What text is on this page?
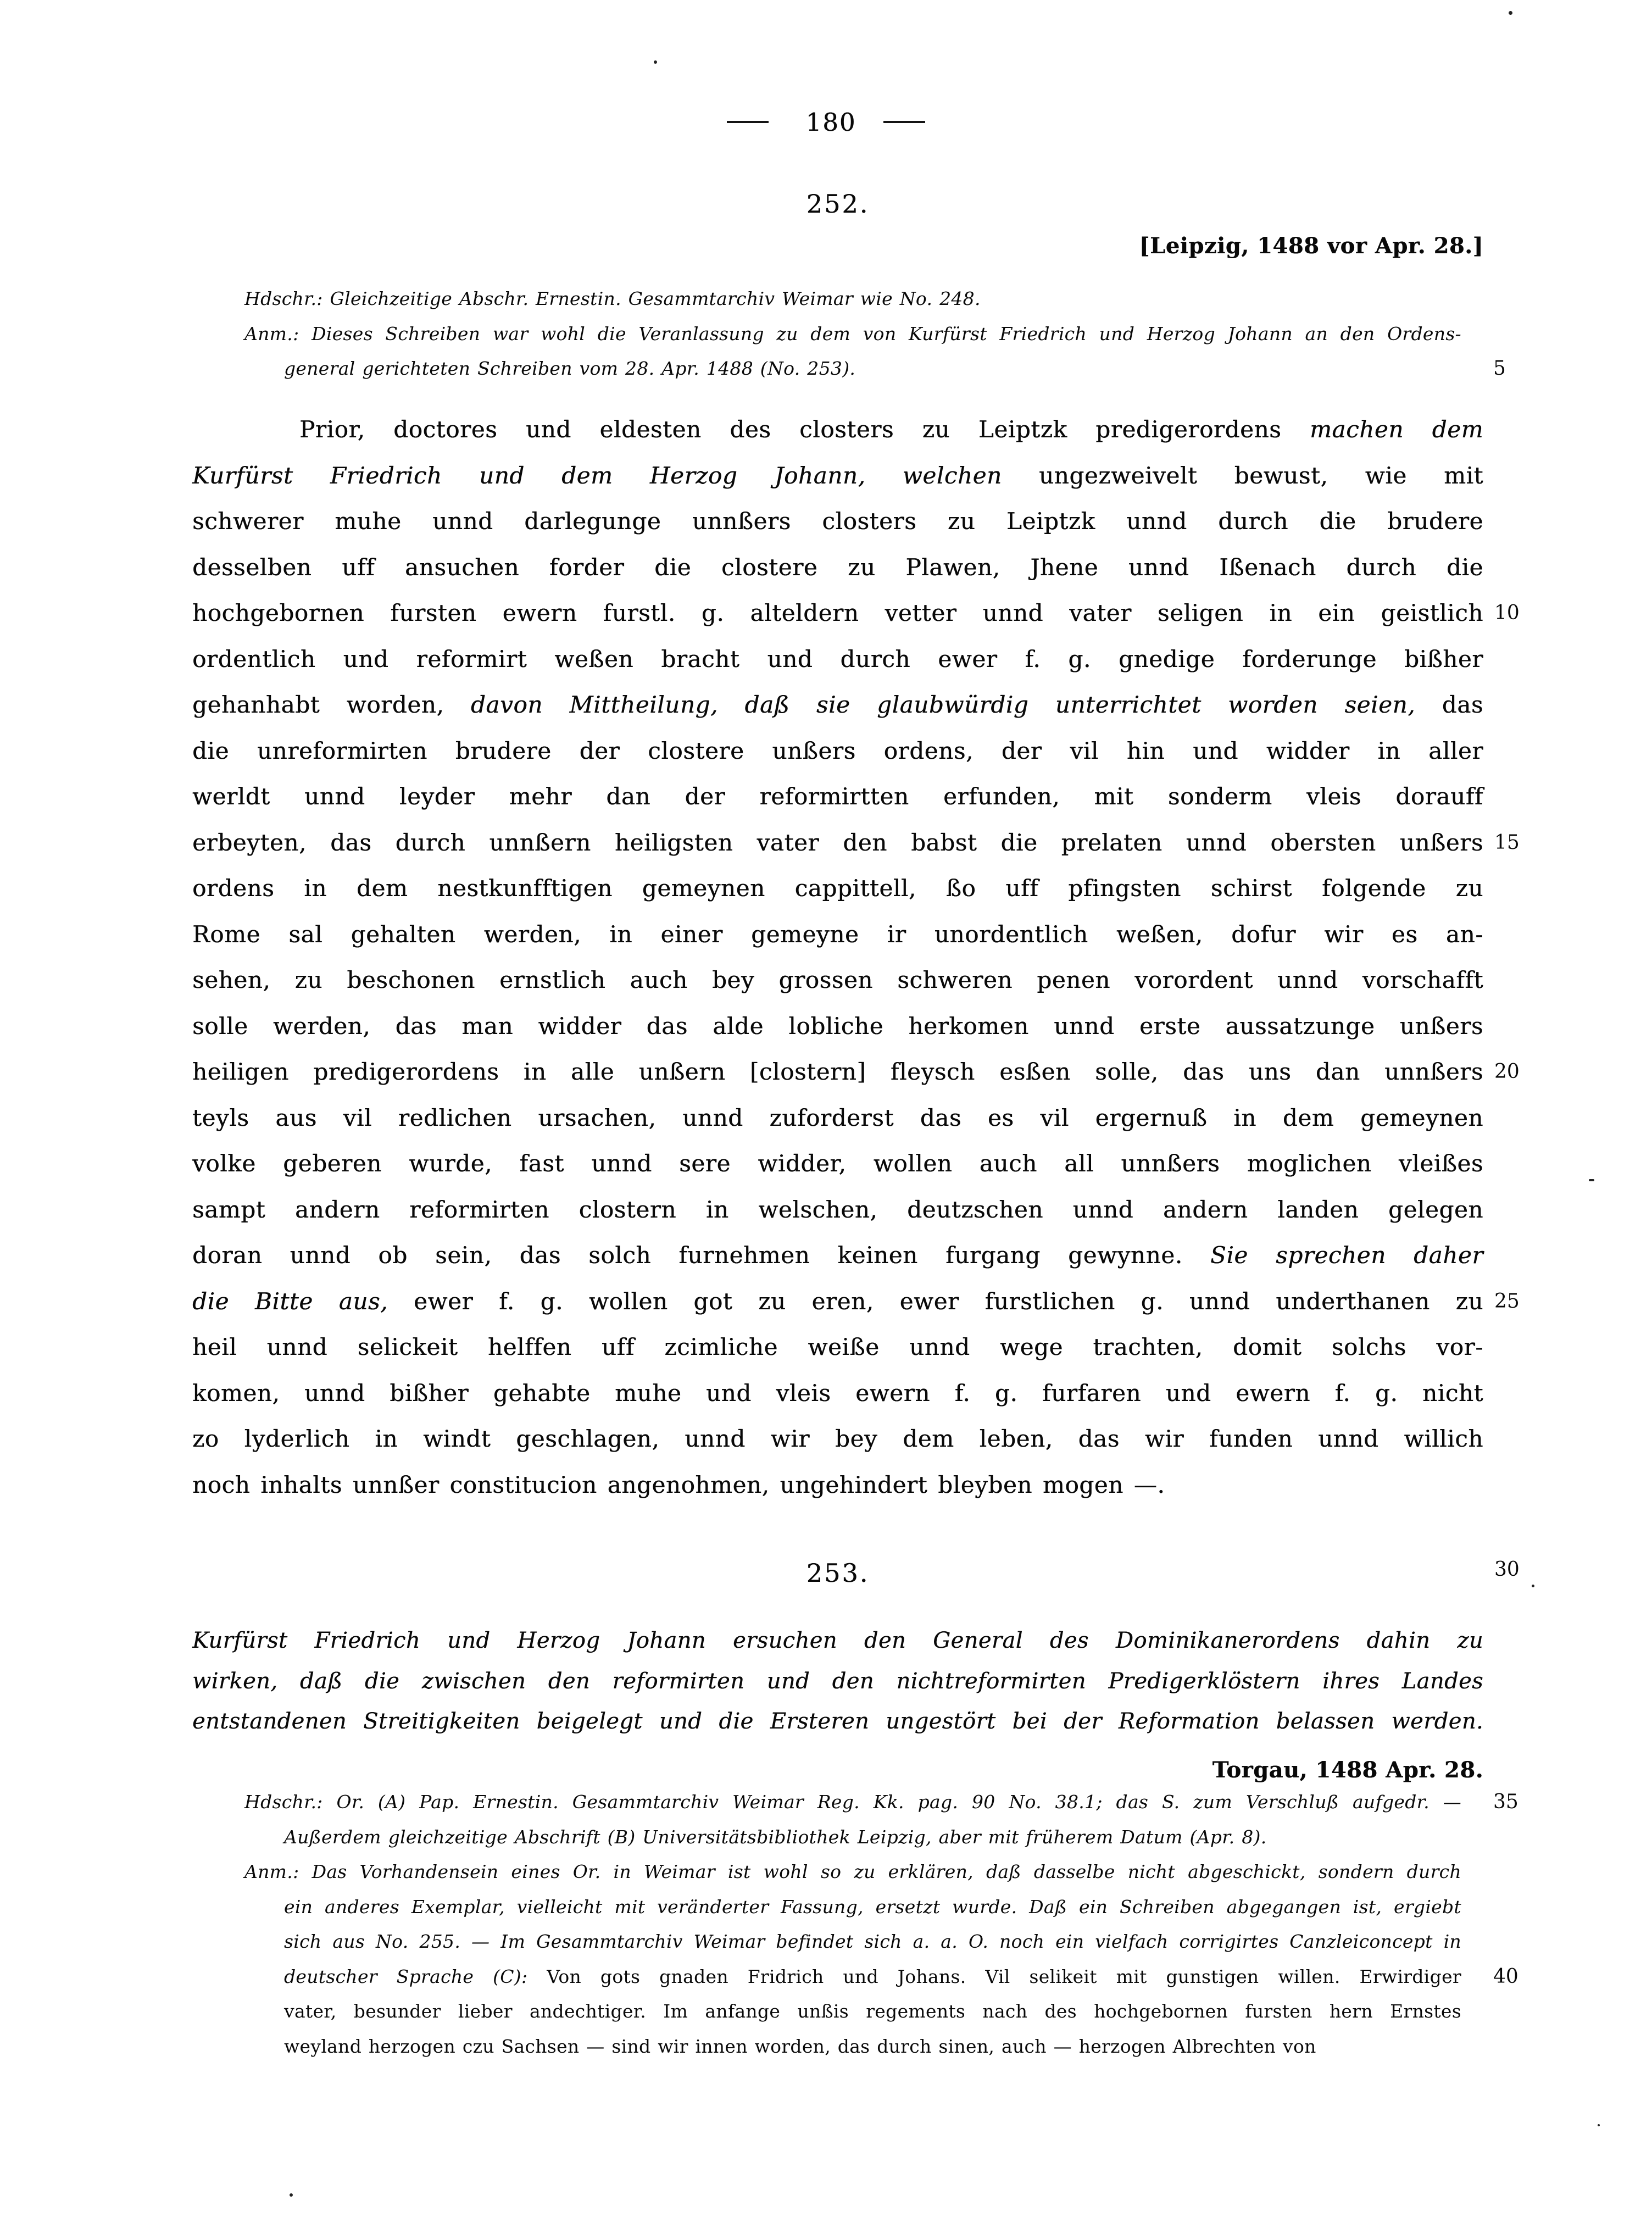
180
252.
[Leipzig, 1488 vor Apr. 28.]
Hdschr.: Gleichzeitige Abschr. Ernestin. Gesammtarchiv Weimar wie No. 248.
Anm.: Dieses Schreiben war wohl die Veranlassung zu dem von Kurfürst Friedrich und Herzog Johann an den Ordens-
general gerichteten Schreiben vom 28. Apr. 1488 (No. 253).	5
Prior, doctores und eldesten des closters zu Leiptzk predigerordens machen dem
Kurfürst Friedrich und dem Herzog Johann, welchen ungezweivelt bewust, wie mit
schwerer muhe unnd darlegunge unnßers closters zu Leiptzk unnd durch die brudere
desselben uff ansuchen forder die clostere zu Plawen, Jhene unnd Ißenach durch die
hochgebornen fursten ewern furstl. g. alteldern vetter unnd vater seligen in ein geistlich 10
ordentlich und reformirt weßen bracht und durch ewer f. g. gnedige forderunge bißher
gehanhabt worden, davon Mittheilung, daß sie glaubwürdig unterrichtet worden seien, das
die unreformirten brudere der clostere unßers ordens, der vil hin und widder in aller
werldt unnd leyder mehr dan der reformirtten erfunden, mit sonderm vleis dorauff
erbeyten, das durch unnßern heiligsten vater den babst die prelaten unnd obersten unßers 15
ordens in dem nestkunfftigen gemeynen cappittell, ßo uff pfingsten schirst folgende zu
Rome sal gehalten werden, in einer gemeyne ir unordentlich weßen, dofur wir es an-
sehen, zu beschonen ernstlich auch bey grossen schweren penen vorordent unnd vorschafft
solle werden, das man widder das alde lobliche herkomen unnd erste aussatzunge unßers
heiligen predigerordens in alle unßern [clostern] fleysch esßen solle, das uns dan unnßers 20
teyls aus vil redlichen ursachen, unnd zuforderst das es vil ergernuß in dem gemeynen
volke geberen wurde, fast unnd sere widder, wollen auch all unnßers moglichen vleißes
sampt andern reformirten clostern in welschen, deutzschen unnd andern landen gelegen
doran unnd ob sein, das solch furnehmen keinen furgang gewynne. Sie sprechen daher
die Bitte aus, ewer f. g. wollen got zu eren, ewer furstlichen g. unnd underthanen zu 25
heil unnd selickeit helffen uff zcimliche weiße unnd wege trachten, domit solchs vor-
komen, unnd bißher gehabte muhe und vleis ewern f. g. furfaren und ewern f. g. nicht
zo lyderlich in windt geschlagen, unnd wir bey dem leben, das wir funden unnd willich
noch inhalts unnßer constitucion angenohmen, ungehindert bleyben mogen —.
253.	30
Kurfürst Friedrich und Herzog Johann ersuchen den General des Dominikanerordens dahin zu
wirken, daß die zwischen den reformirten und den nichtreformirten Predigerklöstern ihres Landes
entstandenen Streitigkeiten beigelegt und die Ersteren ungestört bei der Reformation belassen werden.
Torgau, 1488 Apr. 28.
Hdschr.: Or. (A) Pap. Ernestin. Gesammtarchiv Weimar Reg. Kk. pag. 90 No. 38.1; das S. zum Verschluß aufgedr. — 35
Außerdem gleichzeitige Abschrift (B) Universitätsbibliothek Leipzig, aber mit früherem Datum (Apr. 8).
Anm.: Das Vorhandensein eines Or. in Weimar ist wohl so zu erklären, daß dasselbe nicht abgeschickt, sondern durch
ein anderes Exemplar, vielleicht mit veränderter Fassung, ersetzt wurde. Daß ein Schreiben abgegangen ist, ergiebt
sich aus No. 255. — Im Gesammtarchiv Weimar befindet sich a. a. O. noch ein vielfach corrigirtes Canzleiconcept in
deutscher Sprache (C): Von gots gnaden Fridrich und Johans. Vil selikeit mit gunstigen willen. Erwirdiger 40
vater, besunder lieber andechtiger. Im anfange unßis regements nach des hochgebornen fursten hern Ernstes
weyland herzogen czu Sachsen — sind wir innen worden, das durch sinen, auch — herzogen Albrechten von
